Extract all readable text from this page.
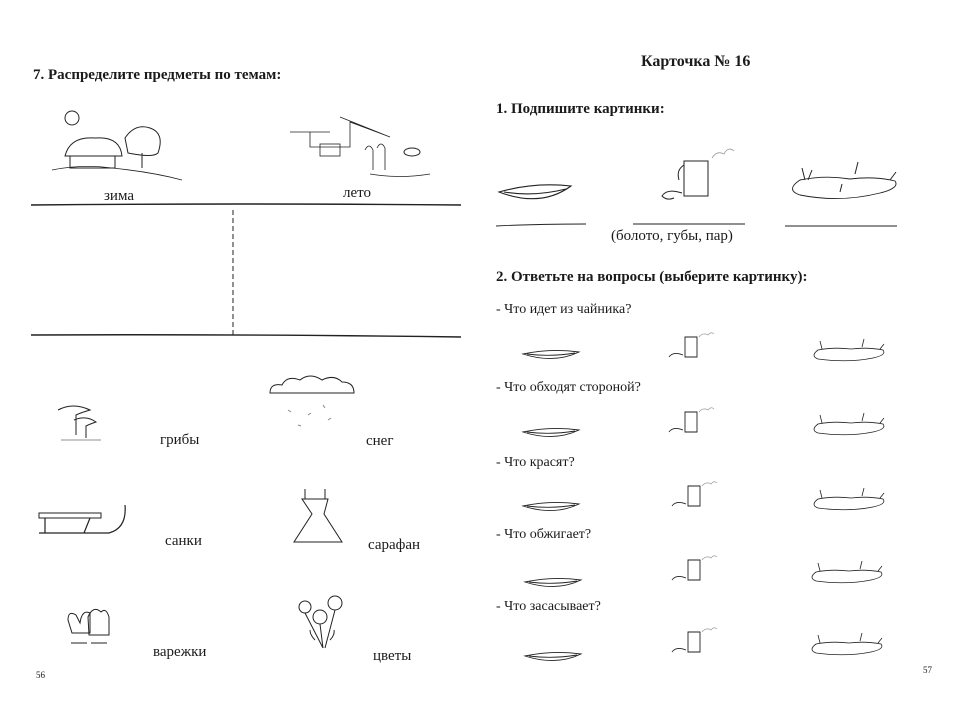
7. Распределите предметы по темам:
зима	лето
грибы	снег
санки	сарафан
варежки	цветы
56
Карточка № 16
1. Подпишите картинки:
(болото, губы, пар)
2. Ответьте на вопросы (выберите картинку):
- Что идет из чайника?
- Что обходят стороной?
- Что красят?
- Что обжигает?
- Что засасывает?
57
